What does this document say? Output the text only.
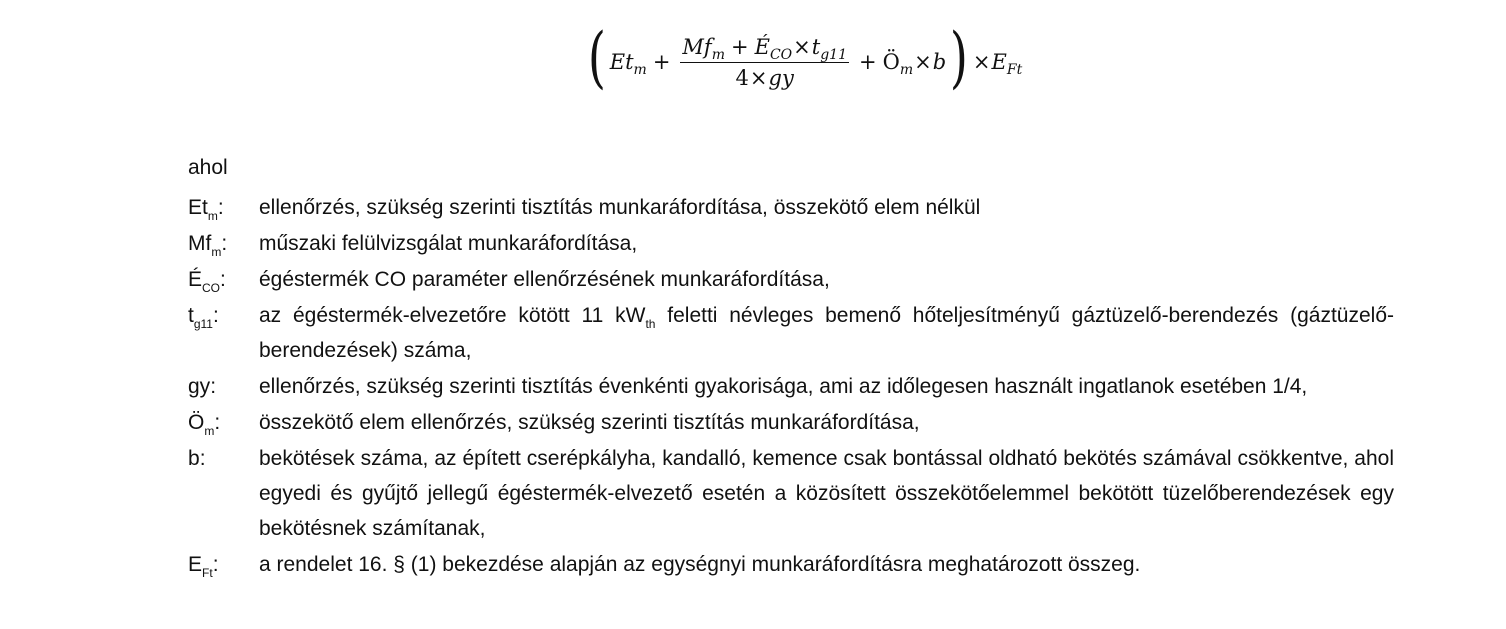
( $Et_m + \frac{Mf_m + É_{CO}\times t_{g11}}{4\times gy}$ + $Ö_m \times b$ ) × $E_{Ft}$
ahol
$Et_m$:	ellenőrzés, szükség szerinti tisztítás munkaráfordítása, összekötő elem nélkül
$Mf_m$:	műszaki felülvizsgálat munkaráfordítása,
$É_{CO}$:	égéstermék CO paraméter ellenőrzésének munkaráfordítása,
$t_{g11}$:	az égéstermék-elvezetőre kötött 11 $kW_{th}$ feletti névleges bemenő hőteljesítményű gáztüzelő-berendezés (gáztüzelő-berendezések) száma,
gy:	ellenőrzés, szükség szerinti tisztítás évenkénti gyakorisága, ami az időlegesen használt ingatlanok esetében 1/4,
$Ö_m$:	összekötő elem ellenőrzés, szükség szerinti tisztítás munkaráfordítása,
b:	bekötések száma, az épített cserépkályha, kandalló, kemence csak bontással oldható bekötés számával csökkentve, ahol egyedi és gyűjtő jellegű égéstermék-elvezető esetén a közösített összekötőelemmel bekötött tüzelőberendezések egy bekötésnek számítanak,
$E_{Ft}$:	a rendelet 16. § (1) bekezdése alapján az egységnyi munkaráfordításra meghatározott összeg.
